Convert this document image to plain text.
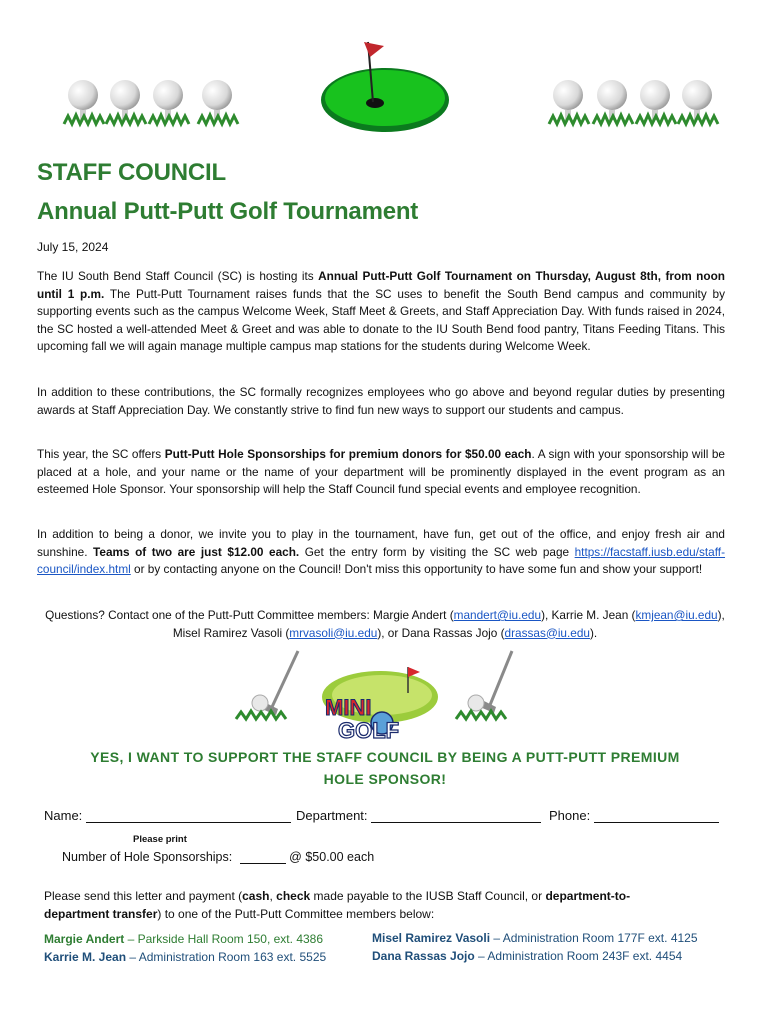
STAFF COUNCIL
Annual Putt-Putt Golf Tournament
July 15, 2024
The IU South Bend Staff Council (SC) is hosting its Annual Putt-Putt Golf Tournament on Thursday, August 8th, from noon until 1 p.m. The Putt-Putt Tournament raises funds that the SC uses to benefit the South Bend campus and community by supporting events such as the campus Welcome Week, Staff Meet & Greets, and Staff Appreciation Day. With funds raised in 2024, the SC hosted a well-attended Meet & Greet and was able to donate to the IU South Bend food pantry, Titans Feeding Titans. This upcoming fall we will again manage multiple campus map stations for the students during Welcome Week.
In addition to these contributions, the SC formally recognizes employees who go above and beyond regular duties by presenting awards at Staff Appreciation Day. We constantly strive to find fun new ways to support our students and campus.
This year, the SC offers Putt-Putt Hole Sponsorships for premium donors for $50.00 each. A sign with your sponsorship will be placed at a hole, and your name or the name of your department will be prominently displayed in the event program as an esteemed Hole Sponsor. Your sponsorship will help the Staff Council fund special events and employee recognition.
In addition to being a donor, we invite you to play in the tournament, have fun, get out of the office, and enjoy fresh air and sunshine. Teams of two are just $12.00 each. Get the entry form by visiting the SC web page https://facstaff.iusb.edu/staff-council/index.html or by contacting anyone on the Council! Don't miss this opportunity to have some fun and show your support!
Questions? Contact one of the Putt-Putt Committee members: Margie Andert (mandert@iu.edu), Karrie M. Jean (kmjean@iu.edu), Misel Ramirez Vasoli (mrvasoli@iu.edu), or Dana Rassas Jojo (drassas@iu.edu).
MINI
GOLF
YES, I WANT TO SUPPORT THE STAFF COUNCIL BY BEING A PUTT-PUTT PREMIUM
HOLE SPONSOR!
Name:	Department:	Phone:
Please print
Number of Hole Sponsorships:	@ $50.00 each
Please send this letter and payment (cash, check made payable to the IUSB Staff Council, or department-to-department transfer) to one of the Putt-Putt Committee members below:
Margie Andert – Parkside Hall Room 150, ext. 4386
Karrie M. Jean – Administration Room 163 ext. 5525
Misel Ramirez Vasoli – Administration Room 177F ext. 4125
Dana Rassas Jojo – Administration Room 243F ext. 4454
